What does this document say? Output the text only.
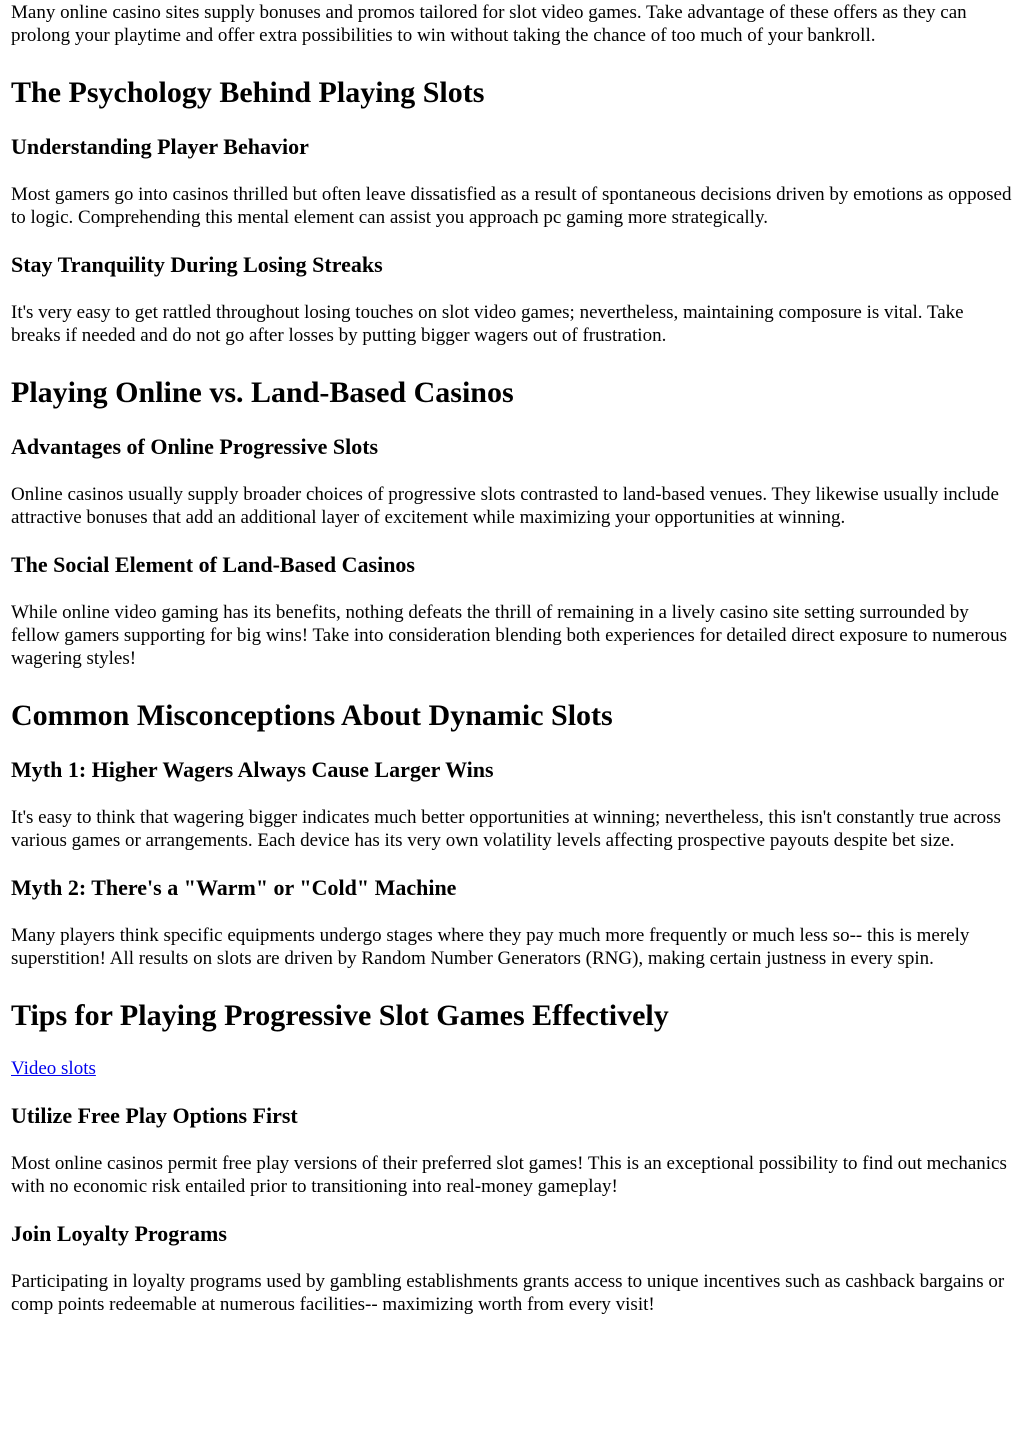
Many online casino sites supply bonuses and promos tailored for slot video games. Take advantage of these offers as they can prolong your playtime and offer extra possibilities to win without taking the chance of too much of your bankroll.

The Psychology Behind Playing Slots
Understanding Player Behavior

Most gamers go into casinos thrilled but often leave dissatisfied as a result of spontaneous decisions driven by emotions as opposed to logic. Comprehending this mental element can assist you approach pc gaming more strategically.

Stay Tranquility During Losing Streaks

It's very easy to get rattled throughout losing touches on slot video games; nevertheless, maintaining composure is vital. Take breaks if needed and do not go after losses by putting bigger wagers out of frustration.

Playing Online vs. Land-Based Casinos
Advantages of Online Progressive Slots

Online casinos usually supply broader choices of progressive slots contrasted to land-based venues. They likewise usually include attractive bonuses that add an additional layer of excitement while maximizing your opportunities at winning.

The Social Element of Land-Based Casinos

While online video gaming has its benefits, nothing defeats the thrill of remaining in a lively casino site setting surrounded by fellow gamers supporting for big wins! Take into consideration blending both experiences for detailed direct exposure to numerous wagering styles!

Common Misconceptions About Dynamic Slots
Myth 1: Higher Wagers Always Cause Larger Wins

It's easy to think that wagering bigger indicates much better opportunities at winning; nevertheless, this isn't constantly true across various games or arrangements. Each device has its very own volatility levels affecting prospective payouts despite bet size.

Myth 2: There's a "Warm" or "Cold" Machine

Many players think specific equipments undergo stages where they pay much more frequently or much less so-- this is merely superstition! All results on slots are driven by Random Number Generators (RNG), making certain justness in every spin.

Tips for Playing Progressive Slot Games Effectively
Video slots
Utilize Free Play Options First

Most online casinos permit free play versions of their preferred slot games! This is an exceptional possibility to find out mechanics with no economic risk entailed prior to transitioning into real-money gameplay!

Join Loyalty Programs

Participating in loyalty programs used by gambling establishments grants access to unique incentives such as cashback bargains or comp points redeemable at numerous facilities-- maximizing worth from every visit!
